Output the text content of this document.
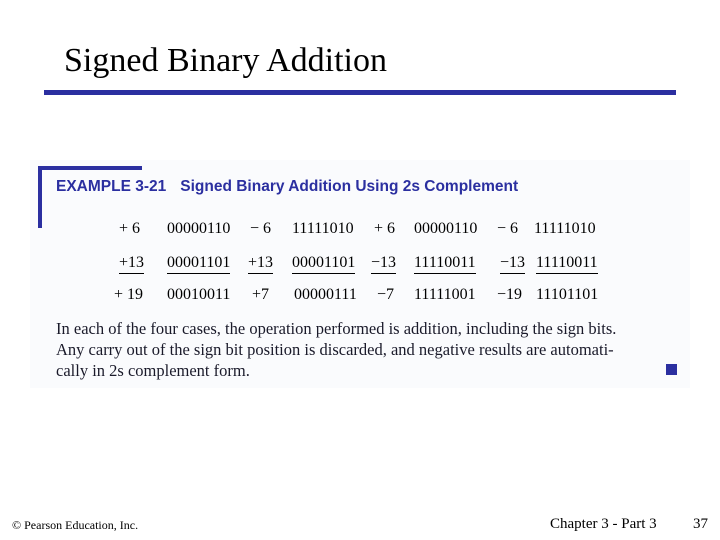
Signed Binary Addition
EXAMPLE 3-21 Signed Binary Addition Using 2s Complement
+ 6 00000110
+13 00001101
+ 19 00010011
− 6 11111010
+13 00001101
+7 00000111
+ 6 00000110
−13 11110011
−7 11111001
− 6 11111010
−13 11110011
−19 11101101
In each of the four cases, the operation performed is addition, including the sign bits.
Any carry out of the sign bit position is discarded, and negative results are automati-
cally in 2s complement form.
© Pearson Education, Inc.	Chapter 3 - Part 3 37
